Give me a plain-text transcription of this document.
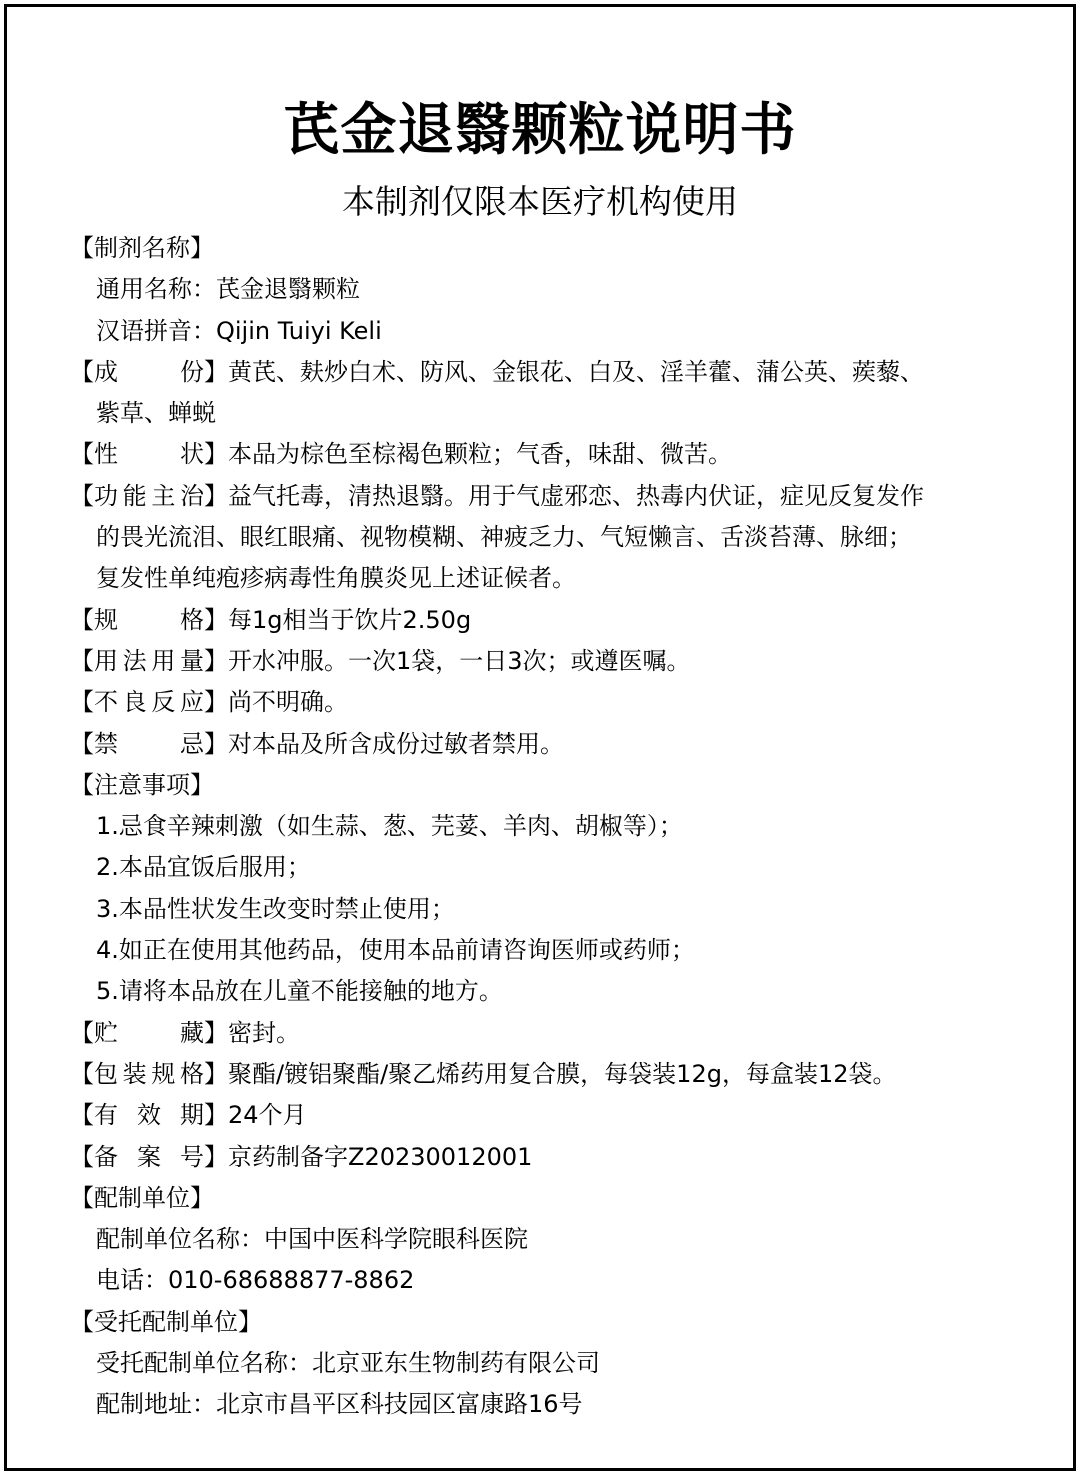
芪金退翳颗粒说明书
本制剂仅限本医疗机构使用
【制剂名称】
通用名称：芪金退翳颗粒
汉语拼音：Qijin Tuiyi Keli
【成份】黄芪、麸炒白术、防风、金银花、白及、淫羊藿、蒲公英、蒺藜、
紫草、蝉蜕
【性状】本品为棕色至棕褐色颗粒；气香，味甜、微苦。
【功能主治】益气托毒，清热退翳。用于气虚邪恋、热毒内伏证，症见反复发作
的畏光流泪、眼红眼痛、视物模糊、神疲乏力、气短懒言、舌淡苔薄、脉细；
复发性单纯疱疹病毒性角膜炎见上述证候者。
【规格】每1g相当于饮片2.50g
【用法用量】开水冲服。一次1袋，一日3次；或遵医嘱。
【不良反应】尚不明确。
【禁忌】对本品及所含成份过敏者禁用。
【注意事项】
1.忌食辛辣刺激（如生蒜、葱、芫荽、羊肉、胡椒等）；
2.本品宜饭后服用；
3.本品性状发生改变时禁止使用；
4.如正在使用其他药品，使用本品前请咨询医师或药师；
5.请将本品放在儿童不能接触的地方。
【贮藏】密封。
【包装规格】聚酯/镀铝聚酯/聚乙烯药用复合膜，每袋装12g，每盒装12袋。
【有效期】24个月
【备案号】京药制备字Z20230012001
【配制单位】
配制单位名称：中国中医科学院眼科医院
电话：010-68688877-8862
【受托配制单位】
受托配制单位名称：北京亚东生物制药有限公司
配制地址：北京市昌平区科技园区富康路16号
